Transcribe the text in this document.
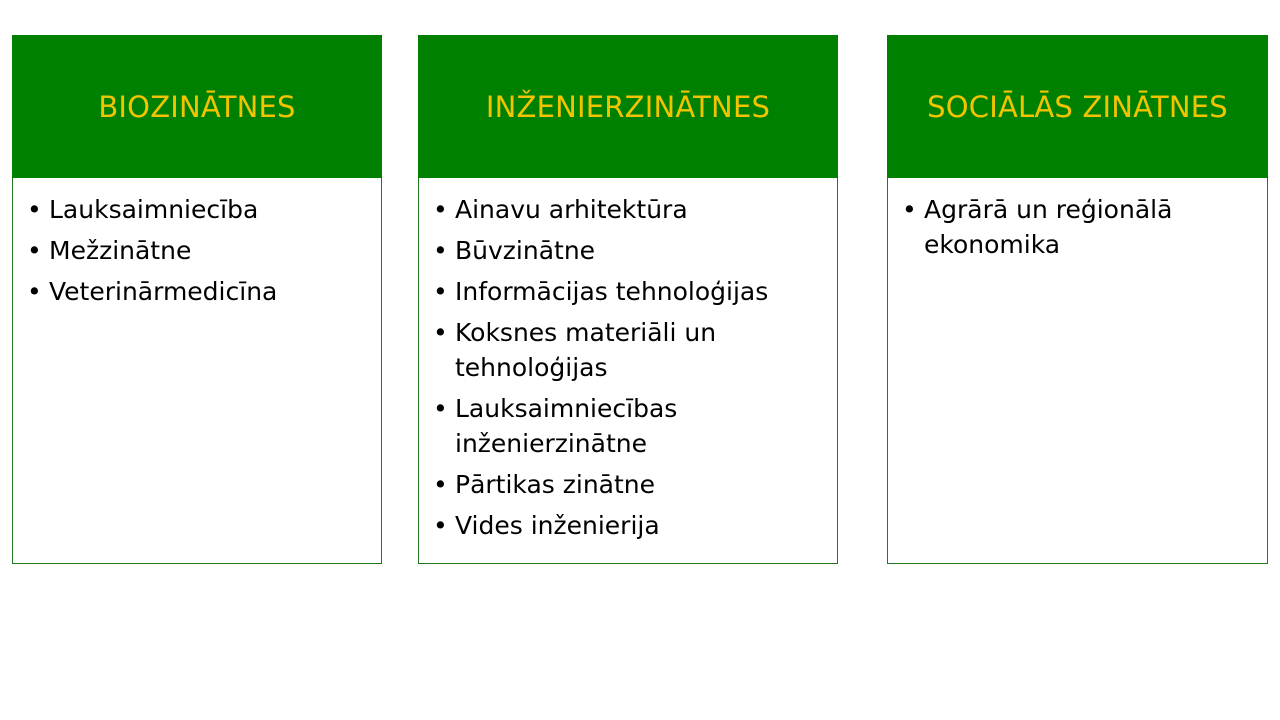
BIOZINĀTNES
• Lauksaimniecība
• Mežzinātne
• Veterinārmedicīna
INŽENIERZINĀTNES
• Ainavu arhitektūra
• Būvzinātne
• Informācijas tehnoloģijas
• Koksnes materiāli un tehnoloģijas
• Lauksaimniecības inženierzinātne
• Pārtikas zinātne
• Vides inženierija
SOCIĀLĀS ZINĀTNES
• Agrārā un reģionālā ekonomika
